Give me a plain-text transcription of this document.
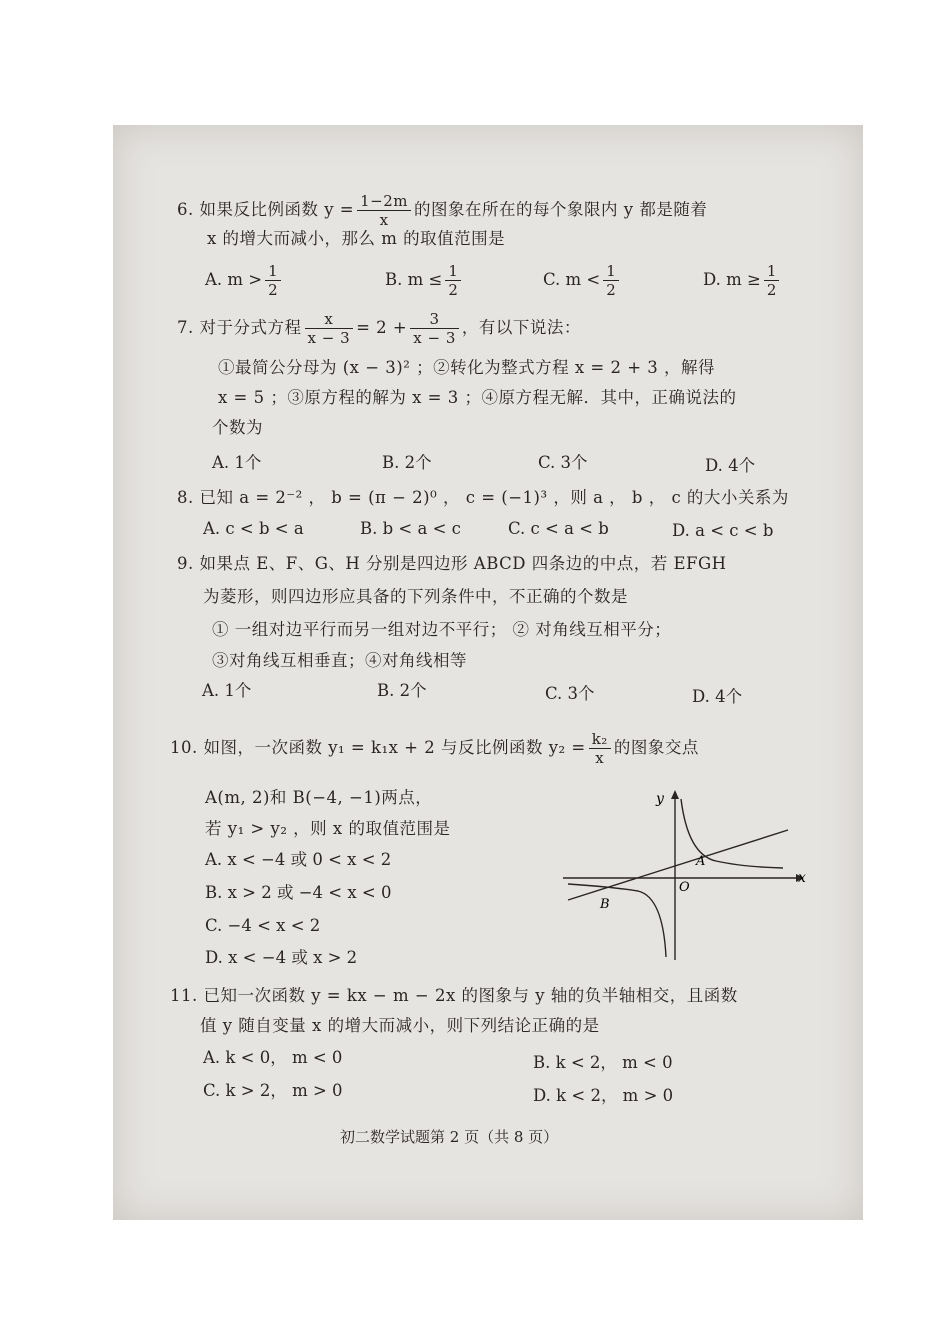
6. 如果反比例函数 $y = \frac{1-2m}{x}$ 的图象在所在的每个象限内 y 都是随着
x 的增大而减小，那么 m 的取值范围是
A. $m > \frac{1}{2}$	B. $m \le \frac{1}{2}$	C. $m < \frac{1}{2}$	D. $m \ge \frac{1}{2}$
7. 对于分式方程 $\frac{x}{x - 3} = 2 + \frac{3}{x - 3}$ ，有以下说法：
①最简公分母为 (x − 3)² ；②转化为整式方程 x = 2 + 3 ，解得
x = 5 ；③原方程的解为 x = 3 ；④原方程无解．其中，正确说法的
个数为
A. 1个	B. 2个	C. 3个	D. 4个
8. 已知 a = 2⁻² ， b = (π − 2)⁰ ， c = (−1)³ ，则 a ， b ， c 的大小关系为
A. c < b < a	B. b < a < c	C. c < a < b	D. a < c < b
9. 如果点 E、F、G、H 分别是四边形 ABCD 四条边的中点，若 EFGH
为菱形，则四边形应具备的下列条件中，不正确的个数是
① 一组对边平行而另一组对边不平行； ② 对角线互相平分；
③对角线互相垂直；④对角线相等
A. 1个	B. 2个	C. 3个	D. 4个
10. 如图，一次函数 y₁ = k₁x + 2 与反比例函数 $y_2 = \frac{\text{k₂}}{x}$ 的图象交点
A(m, 2)和 B(−4, −1)两点，
若 y₁ > y₂ ，则 x 的取值范围是
A. x < −4 或 0 < x < 2
B. x > 2 或 −4 < x < 0
C. −4 < x < 2
D. x < −4 或 x > 2
y
x
O
A
B
11. 已知一次函数 y = kx − m − 2x 的图象与 y 轴的负半轴相交，且函数
值 y 随自变量 x 的增大而减小，则下列结论正确的是
A. k < 0， m < 0	B. k < 2， m < 0
C. k > 2， m > 0	D. k < 2， m > 0
初二数学试题第 2 页（共 8 页）
